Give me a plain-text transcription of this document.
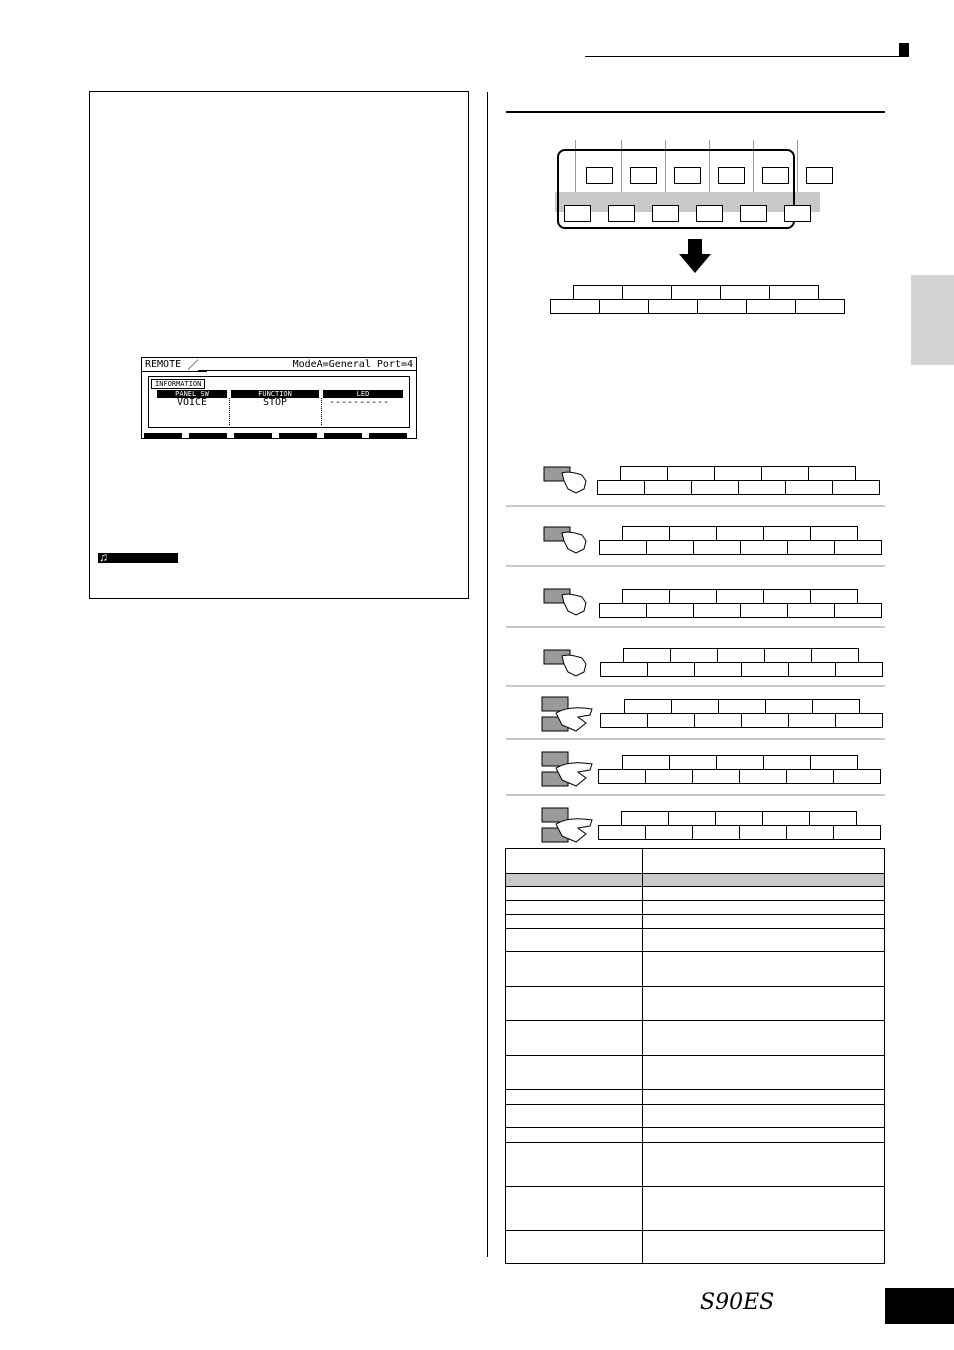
REMOTE	ModeA=General Port=4
INFORMATION
PANEL SW	FUNCTION	LED
VOICE	STOP	----------
♫
S90ES
